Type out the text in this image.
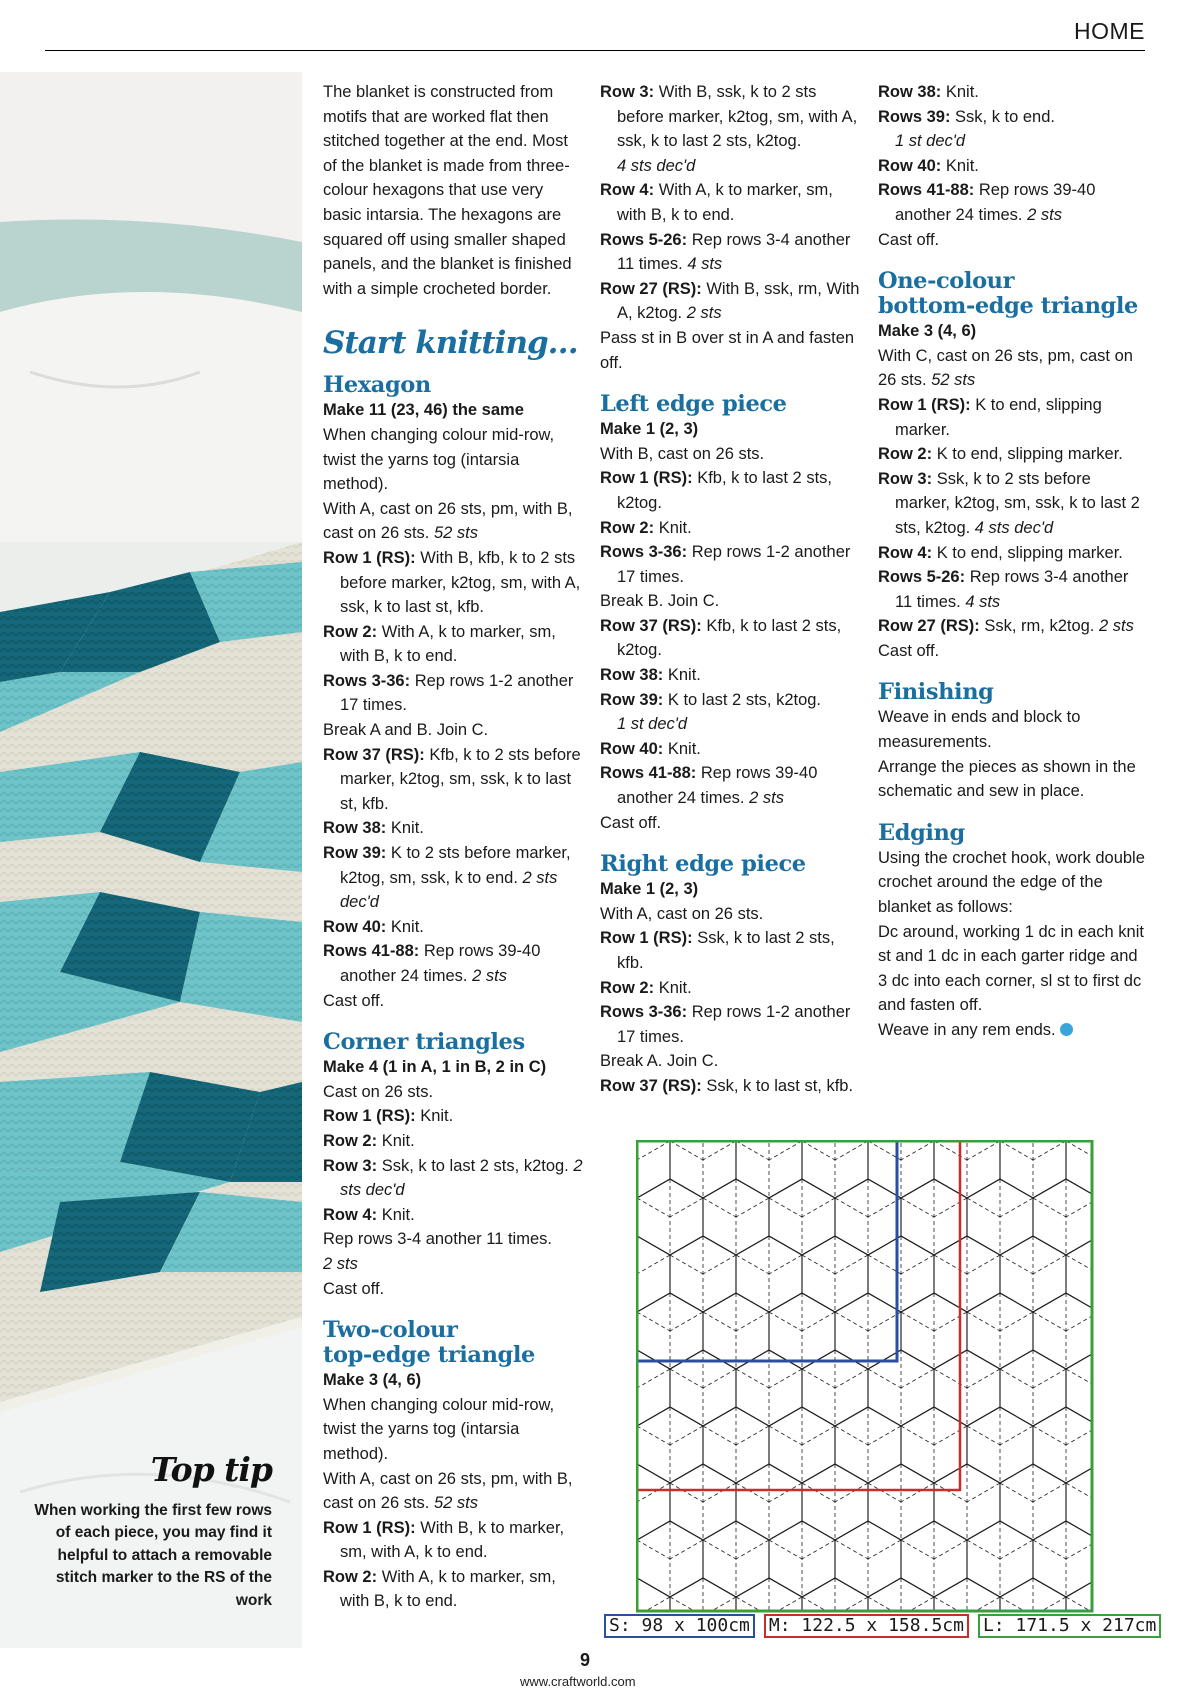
HOME
Top tip
When working the first few rows of each piece, you may find it helpful to attach a removable stitch marker to the RS of the work

The blanket is constructed from motifs that are worked flat then stitched together at the end. Most of the blanket is made from three-colour hexagons that use very basic intarsia. The hexagons are squared off using smaller shaped panels, and the blanket is finished with a simple crocheted border.

Start knitting…
Hexagon

Make 11 (23, 46) the same

When changing colour mid-row, twist the yarns tog (intarsia method).

With A, cast on 26 sts, pm, with B, cast on 26 sts. 52 sts

Row 1 (RS): With B, kfb, k to 2 sts before marker, k2tog, sm, with A, ssk, k to last st, kfb.

Row 2: With A, k to marker, sm, with B, k to end.

Rows 3-36: Rep rows 1-2 another 17 times.

Break A and B. Join C.

Row 37 (RS): Kfb, k to 2 sts before marker, k2tog, sm, ssk, k to last st, kfb.

Row 38: Knit.

Row 39: K to 2 sts before marker, k2tog, sm, ssk, k to end. 2 sts dec'd

Row 40: Knit.

Rows 41-88: Rep rows 39-40 another 24 times. 2 sts

Cast off.

Corner triangles

Make 4 (1 in A, 1 in B, 2 in C)

Cast on 26 sts.

Row 1 (RS): Knit.

Row 2: Knit.

Row 3: Ssk, k to last 2 sts, k2tog. 2 sts dec'd

Row 4: Knit.

Rep rows 3-4 another 11 times.

2 sts

Cast off.

Two-colour
top-edge triangle

Make 3 (4, 6)

When changing colour mid-row, twist the yarns tog (intarsia method).

With A, cast on 26 sts, pm, with B, cast on 26 sts. 52 sts

Row 1 (RS): With B, k to marker, sm, with A, k to end.

Row 2: With A, k to marker, sm, with B, k to end.

Row 3: With B, ssk, k to 2 sts before marker, k2tog, sm, with A, ssk, k to last 2 sts, k2tog.

4 sts dec'd

Row 4: With A, k to marker, sm, with B, k to end.

Rows 5-26: Rep rows 3-4 another 11 times. 4 sts

Row 27 (RS): With B, ssk, rm, With A, k2tog. 2 sts

Pass st in B over st in A and fasten off.

Left edge piece

Make 1 (2, 3)

With B, cast on 26 sts.

Row 1 (RS): Kfb, k to last 2 sts, k2tog.

Row 2: Knit.

Rows 3-36: Rep rows 1-2 another 17 times.

Break B. Join C.

Row 37 (RS): Kfb, k to last 2 sts, k2tog.

Row 38: Knit.

Row 39: K to last 2 sts, k2tog.

1 st dec'd

Row 40: Knit.

Rows 41-88: Rep rows 39-40 another 24 times. 2 sts

Cast off.

Right edge piece

Make 1 (2, 3)

With A, cast on 26 sts.

Row 1 (RS): Ssk, k to last 2 sts, kfb.

Row 2: Knit.

Rows 3-36: Rep rows 1-2 another 17 times.

Break A. Join C.

Row 37 (RS): Ssk, k to last st, kfb.

Row 38: Knit.

Rows 39: Ssk, k to end.

1 st dec'd

Row 40: Knit.

Rows 41-88: Rep rows 39-40 another 24 times. 2 sts

Cast off.

One-colour
bottom-edge triangle

Make 3 (4, 6)

With C, cast on 26 sts, pm, cast on 26 sts. 52 sts

Row 1 (RS): K to end, slipping marker.

Row 2: K to end, slipping marker.

Row 3: Ssk, k to 2 sts before marker, k2tog, sm, ssk, k to last 2 sts, k2tog. 4 sts dec'd

Row 4: K to end, slipping marker.

Rows 5-26: Rep rows 3-4 another 11 times. 4 sts

Row 27 (RS): Ssk, rm, k2tog. 2 sts

Cast off.

Finishing

Weave in ends and block to measurements.

Arrange the pieces as shown in the schematic and sew in place.

Edging

Using the crochet hook, work double crochet around the edge of the blanket as follows:

Dc around, working 1 dc in each knit st and 1 dc in each garter ridge and 3 dc into each corner, sl st to first dc and fasten off.

Weave in any rem ends.

S: 98 x 100cm M: 122.5 x 158.5cm L: 171.5 x 217cm
9
www.craftworld.com
